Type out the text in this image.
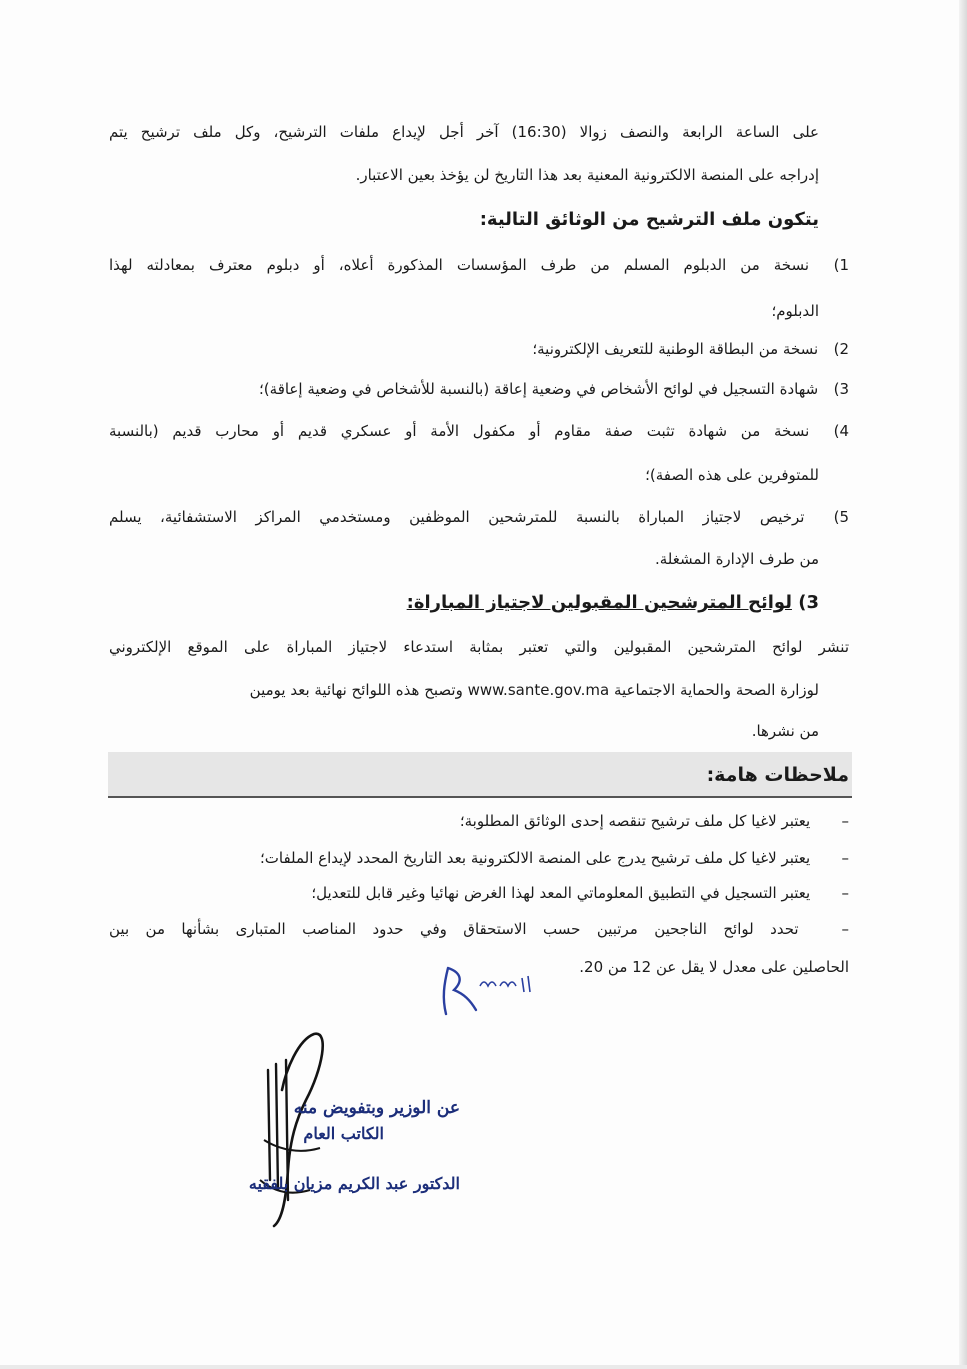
على الساعة الرابعة والنصف زوالا (16:30) آخر أجل لإيداع ملفات الترشيح، وكل ملف ترشيح يتم
إدراجه على المنصة الالكترونية المعنية بعد هذا التاريخ لن يؤخذ بعين الاعتبار.
يتكون ملف الترشيح من الوثائق التالية:
1) نسخة من الدبلوم المسلم من طرف المؤسسات المذكورة أعلاه، أو دبلوم معترف بمعادلته لهذا
الدبلوم؛
2) نسخة من البطاقة الوطنية للتعريف الإلكترونية؛
3) شهادة التسجيل في لوائح الأشخاص في وضعية إعاقة (بالنسبة للأشخاص في وضعية إعاقة)؛
4) نسخة من شهادة تثبت صفة مقاوم أو مكفول الأمة أو عسكري قديم أو محارب قديم (بالنسبة
للمتوفرين على هذه الصفة)؛
5) ترخيص لاجتياز المباراة بالنسبة للمترشحين الموظفين ومستخدمي المراكز الاستشفائية، يسلم
من طرف الإدارة المشغلة.
3) لوائح المترشحين المقبولين لاجتياز المباراة:
تنشر لوائح المترشحين المقبولين والتي تعتبر بمثابة استدعاء لاجتياز المباراة على الموقع الإلكتروني
لوزارة الصحة والحماية الاجتماعية www.sante.gov.ma وتصبح هذه اللوائح نهائية بعد يومين
من نشرها.
ملاحظات هامة:
– يعتبر لاغيا كل ملف ترشيح تنقصه إحدى الوثائق المطلوبة؛
– يعتبر لاغيا كل ملف ترشيح يدرج على المنصة الالكترونية بعد التاريخ المحدد لإيداع الملفات؛
– يعتبر التسجيل في التطبيق المعلوماتي المعد لهذا الغرض نهائيا وغير قابل للتعديل؛
– تحدد لوائح الناجحين مرتبين حسب الاستحقاق وفي حدود المناصب المتبارى بشأنها من بين
الحاصلين على معدل لا يقل عن 12 من 20.
عن الوزير وبتفويض منه
الكاتب العام
الدكتور عبد الكريم مزيان بلفقيه
